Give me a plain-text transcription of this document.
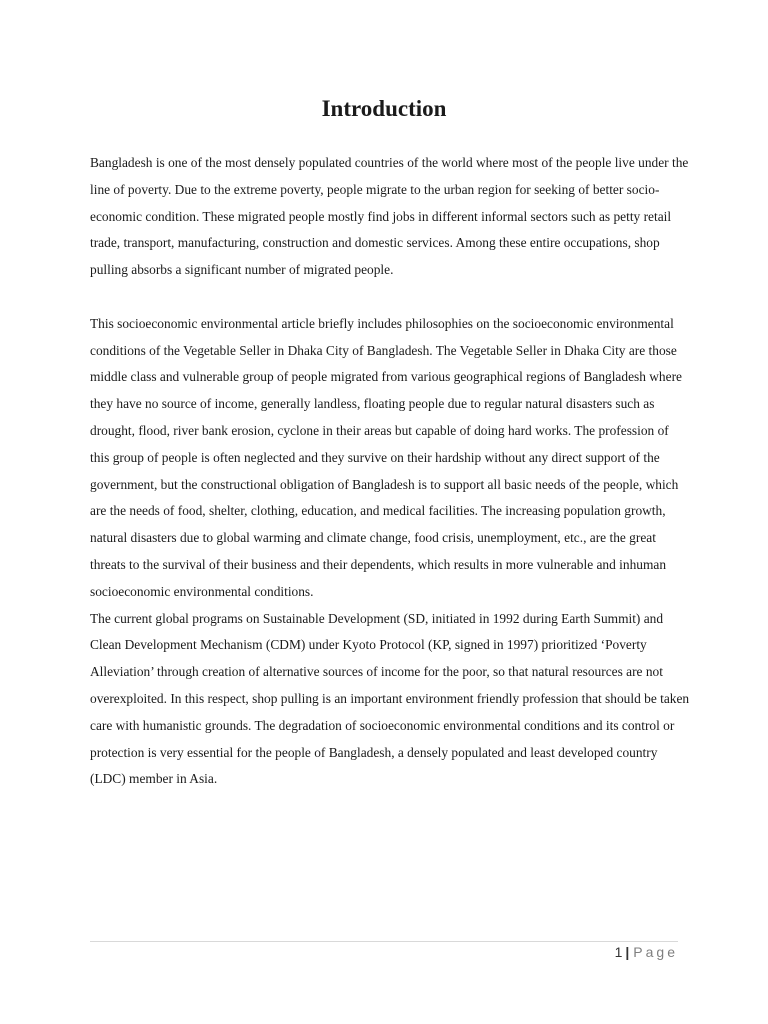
Introduction

Bangladesh is one of the most densely populated countries of the world where most of the people live under the line of poverty. Due to the extreme poverty, people migrate to the urban region for seeking of better socio-economic condition. These migrated people mostly find jobs in different informal sectors such as petty retail trade, transport, manufacturing, construction and domestic services. Among these entire occupations, shop pulling absorbs a significant number of migrated people.

This socioeconomic environmental article briefly includes philosophies on the socioeconomic environmental conditions of the Vegetable Seller in Dhaka City of Bangladesh. The Vegetable Seller in Dhaka City are those middle class and vulnerable group of people migrated from various geographical regions of Bangladesh where they have no source of income, generally landless, floating people due to regular natural disasters such as drought, flood, river bank erosion, cyclone in their areas but capable of doing hard works. The profession of this group of people is often neglected and they survive on their hardship without any direct support of the government, but the constructional obligation of Bangladesh is to support all basic needs of the people, which are the needs of food, shelter, clothing, education, and medical facilities. The increasing population growth, natural disasters due to global warming and climate change, food crisis, unemployment, etc., are the great threats to the survival of their business and their dependents, which results in more vulnerable and inhuman socioeconomic environmental conditions.

The current global programs on Sustainable Development (SD, initiated in 1992 during Earth Summit) and Clean Development Mechanism (CDM) under Kyoto Protocol (KP, signed in 1997) prioritized ‘Poverty Alleviation’ through creation of alternative sources of income for the poor, so that natural resources are not overexploited. In this respect, shop pulling is an important environment friendly profession that should be taken care with humanistic grounds. The degradation of socioeconomic environmental conditions and its control or protection is very essential for the people of Bangladesh, a densely populated and least developed country (LDC) member in Asia.

1 | Page
